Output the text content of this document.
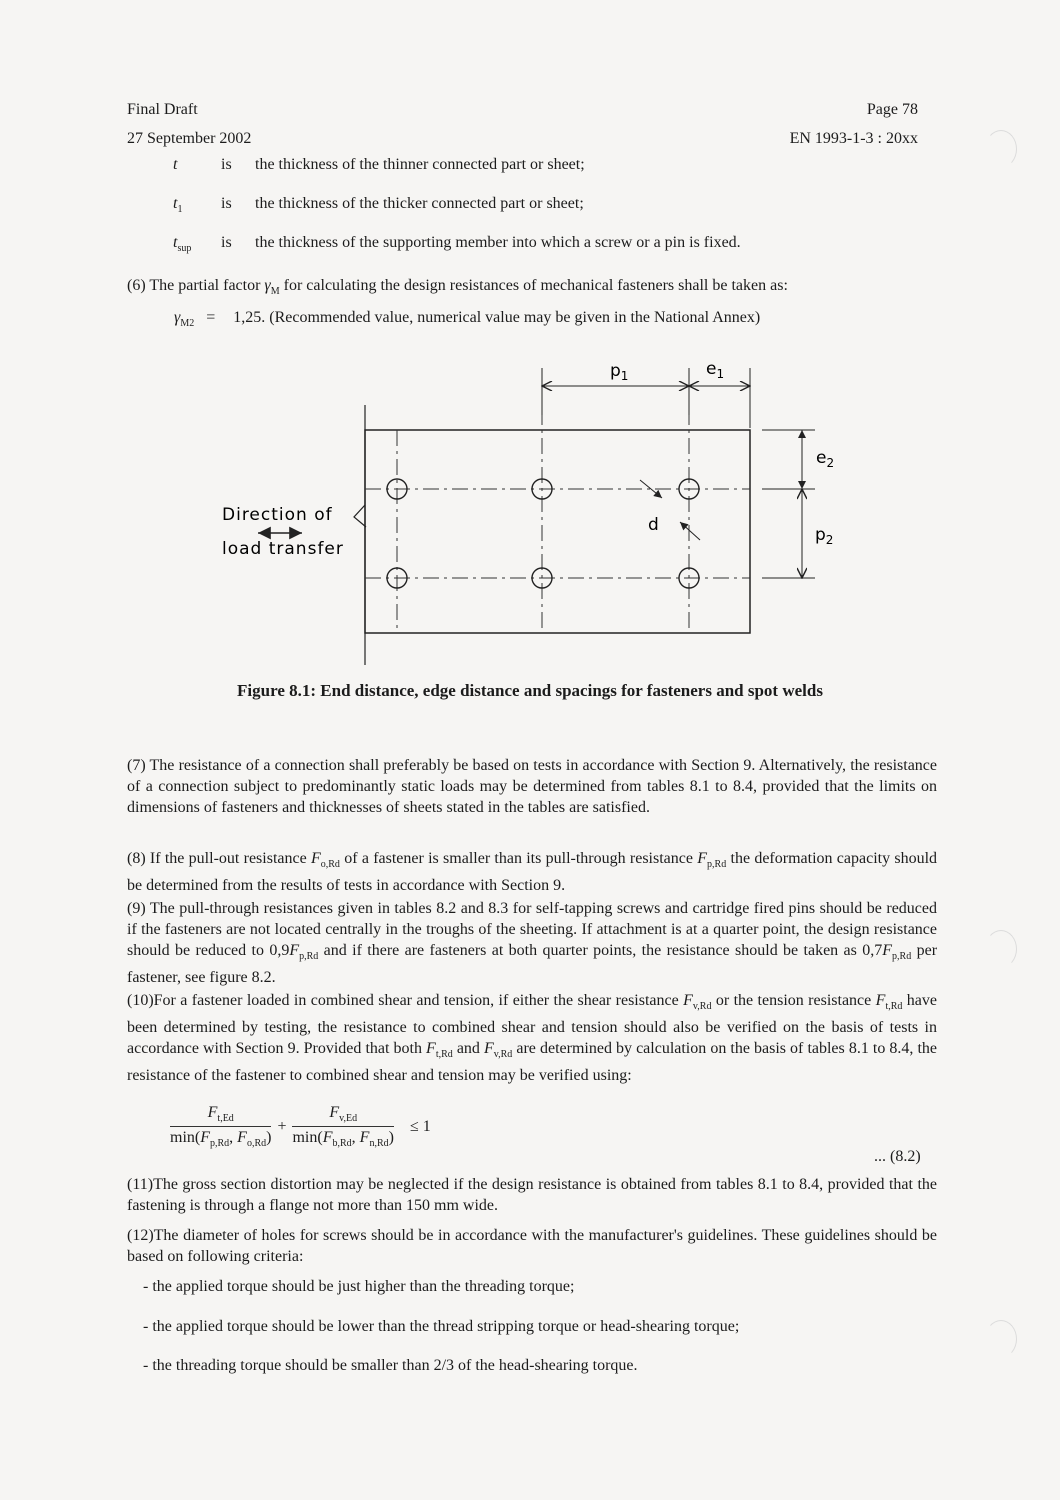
Final Draft
27 September 2002
Page 78
EN 1993-1-3 : 20xx
t	is	the thickness of the thinner connected part or sheet;
$t_1$	is	the thickness of the thicker connected part or sheet;
$t_{sup}$	is	the thickness of the supporting member into which a screw or a pin is fixed.
(6) The partial factor $\gamma_M$ for calculating the design resistances of mechanical fasteners shall be taken as:
$\gamma_{M2} = 1,25$. (Recommended value, numerical value may be given in the National Annex)
$p_1$	$e_1$
$e_2$
$p_2$
d
Direction of
load transfer
Figure 8.1: End distance, edge distance and spacings for fasteners and spot welds
(7) The resistance of a connection shall preferably be based on tests in accordance with Section 9. Alternatively, the resistance of a connection subject to predominantly static loads may be determined from tables 8.1 to 8.4, provided that the limits on dimensions of fasteners and thicknesses of sheets stated in the tables are satisfied.
(8) If the pull-out resistance $F_{o,Rd}$ of a fastener is smaller than its pull-through resistance $F_{p,Rd}$ the deformation capacity should be determined from the results of tests in accordance with Section 9.
(9) The pull-through resistances given in tables 8.2 and 8.3 for self-tapping screws and cartridge fired pins should be reduced if the fasteners are not located centrally in the troughs of the sheeting. If attachment is at a quarter point, the design resistance should be reduced to $0,9F_{p,Rd}$ and if there are fasteners at both quarter points, the resistance should be taken as $0,7F_{p,Rd}$ per fastener, see figure 8.2.
(10)For a fastener loaded in combined shear and tension, if either the shear resistance $F_{v,Rd}$ or the tension resistance $F_{t,Rd}$ have been determined by testing, the resistance to combined shear and tension should also be verified on the basis of tests in accordance with Section 9. Provided that both $F_{t,Rd}$ and $F_{v,Rd}$ are determined by calculation on the basis of tables 8.1 to 8.4, the resistance of the fastener to combined shear and tension may be verified using:
$\frac{F_{t,Ed}}{\min(F_{p,Rd}, F_{o,Rd})} + \frac{F_{v,Ed}}{\min(F_{b,Rd}, F_{n,Rd})} \le 1$
... (8.2)
(11)The gross section distortion may be neglected if the design resistance is obtained from tables 8.1 to 8.4, provided that the fastening is through a flange not more than 150 mm wide.
(12)The diameter of holes for screws should be in accordance with the manufacturer's guidelines. These guidelines should be based on following criteria:
- the applied torque should be just higher than the threading torque;
- the applied torque should be lower than the thread stripping torque or head-shearing torque;
- the threading torque should be smaller than 2/3 of the head-shearing torque.
